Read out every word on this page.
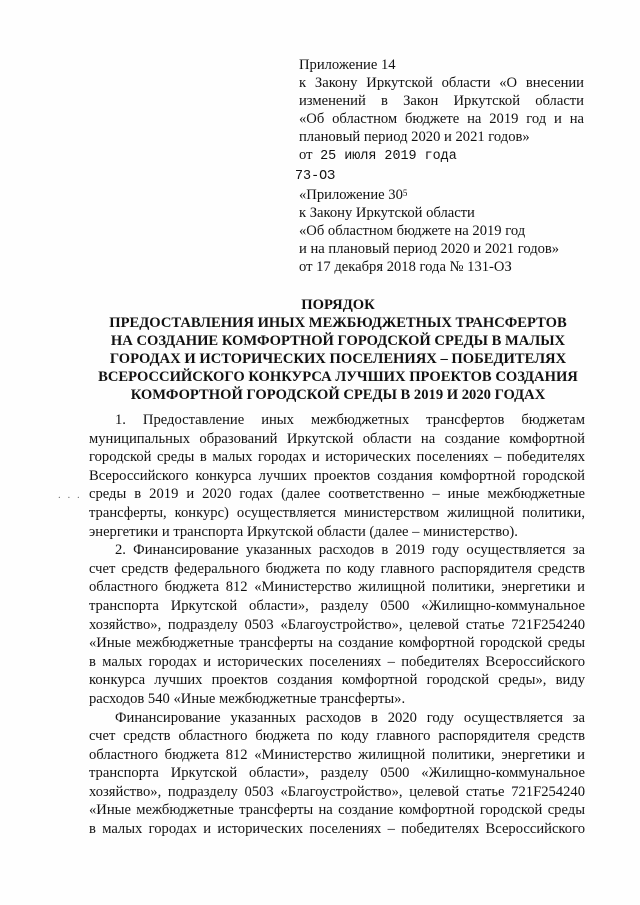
Приложение 14
к Закону Иркутской области «О внесении
изменений в Закон Иркутской области
«Об областном бюджете на 2019 год и на
плановый период 2020 и 2021 годов»
от 25 июля 2019 года
73-ОЗ
«Приложение $30^5$
к Закону Иркутской области
«Об областном бюджете на 2019 год
и на плановый период 2020 и 2021 годов»
от 17 декабря 2018 года № 131-ОЗ
ПОРЯДОК
ПРЕДОСТАВЛЕНИЯ ИНЫХ МЕЖБЮДЖЕТНЫХ ТРАНСФЕРТОВ
НА СОЗДАНИЕ КОМФОРТНОЙ ГОРОДСКОЙ СРЕДЫ В МАЛЫХ
ГОРОДАХ И ИСТОРИЧЕСКИХ ПОСЕЛЕНИЯХ – ПОБЕДИТЕЛЯХ
ВСЕРОССИЙСКОГО КОНКУРСА ЛУЧШИХ ПРОЕКТОВ СОЗДАНИЯ
КОМФОРТНОЙ ГОРОДСКОЙ СРЕДЫ В 2019 И 2020 ГОДАХ
. . .

1. Предоставление иных межбюджетных трансфертов бюджетам
муниципальных образований Иркутской области на создание комфортной
городской среды в малых городах и исторических поселениях – победителях
Всероссийского конкурса лучших проектов создания комфортной городской
среды в 2019 и 2020 годах (далее соответственно – иные межбюджетные
трансферты, конкурс) осуществляется министерством жилищной политики,
энергетики и транспорта Иркутской области (далее – министерство).

2. Финансирование указанных расходов в 2019 году осуществляется за
счет средств федерального бюджета по коду главного распорядителя средств
областного бюджета 812 «Министерство жилищной политики, энергетики и
транспорта Иркутской области», разделу 0500 «Жилищно-коммунальное
хозяйство», подразделу 0503 «Благоустройство», целевой статье 721F254240
«Иные межбюджетные трансферты на создание комфортной городской среды
в малых городах и исторических поселениях – победителях Всероссийского
конкурса лучших проектов создания комфортной городской среды», виду
расходов 540 «Иные межбюджетные трансферты».

Финансирование указанных расходов в 2020 году осуществляется за
счет средств областного бюджета по коду главного распорядителя средств
областного бюджета 812 «Министерство жилищной политики, энергетики и
транспорта Иркутской области», разделу 0500 «Жилищно-коммунальное
хозяйство», подразделу 0503 «Благоустройство», целевой статье 721F254240
«Иные межбюджетные трансферты на создание комфортной городской среды
в малых городах и исторических поселениях – победителях Всероссийского
